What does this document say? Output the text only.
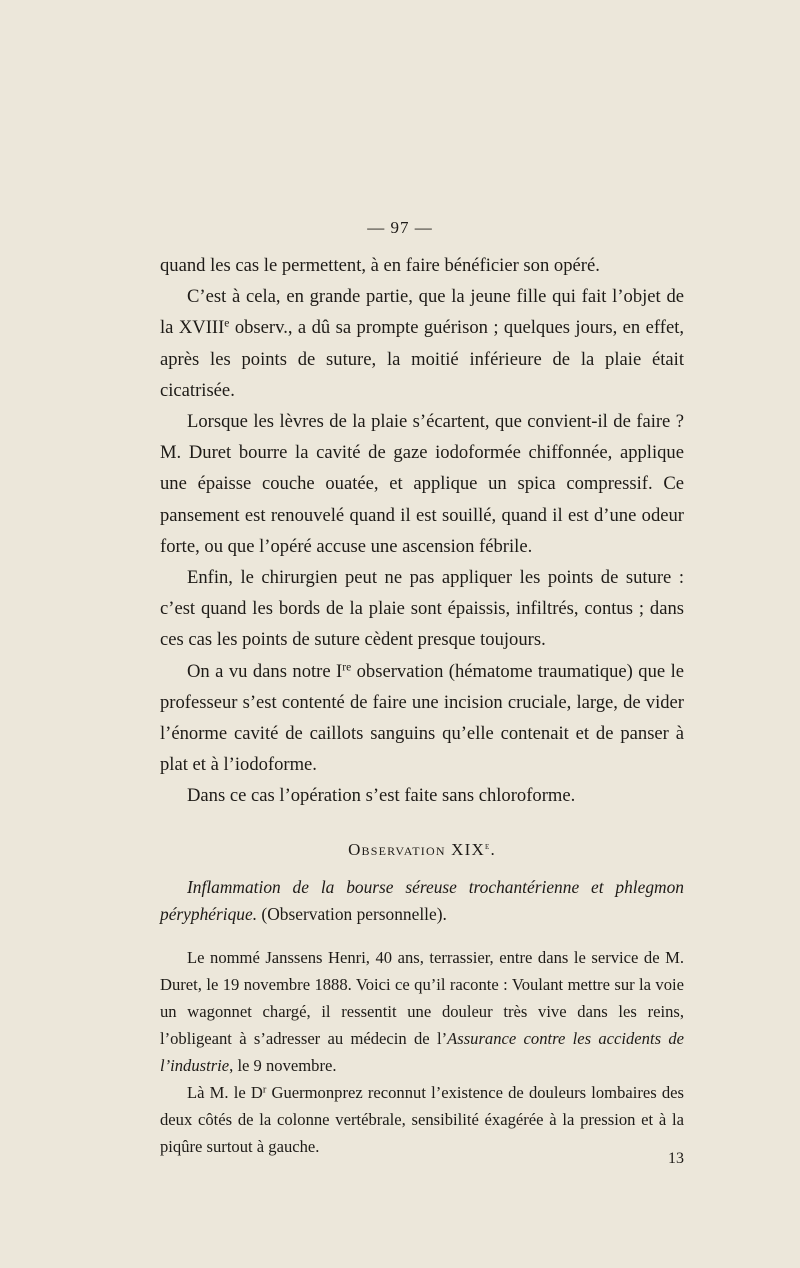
— 97 —

quand les cas le permettent, à en faire bénéficier son opéré.

C’est à cela, en grande partie, que la jeune fille qui fait l’objet de la XVIIIe observ., a dû sa prompte guérison ; quelques jours, en effet, après les points de suture, la moitié inférieure de la plaie était cicatrisée.

Lorsque les lèvres de la plaie s’écartent, que convient-il de faire ? M. Duret bourre la cavité de gaze iodoformée chiffonnée, applique une épaisse couche ouatée, et applique un spica compressif. Ce pansement est renouvelé quand il est souillé, quand il est d’une odeur forte, ou que l’opéré accuse une ascension fébrile.

Enfin, le chirurgien peut ne pas appliquer les points de suture : c’est quand les bords de la plaie sont épaissis, infiltrés, contus ; dans ces cas les points de suture cèdent presque toujours.

On a vu dans notre Ire observation (hématome traumatique) que le professeur s’est contenté de faire une incision cruciale, large, de vider l’énorme cavité de caillots sanguins qu’elle contenait et de panser à plat et à l’iodoforme.

Dans ce cas l’opération s’est faite sans chloroforme.

Observation XIXe.

Inflammation de la bourse séreuse trochantérienne et phlegmon péryphérique. (Observation personnelle).

Le nommé Janssens Henri, 40 ans, terrassier, entre dans le service de M. Duret, le 19 novembre 1888. Voici ce qu’il raconte : Voulant mettre sur la voie un wagonnet chargé, il ressentit une douleur très vive dans les reins, l’obligeant à s’adresser au médecin de l’Assurance contre les accidents de l’industrie, le 9 novembre.

Là M. le $D^r$ Guermonprez reconnut l’existence de douleurs lombaires des deux côtés de la colonne vertébrale, sensibilité éxagérée à la pression et à la piqûre surtout à gauche.

13
